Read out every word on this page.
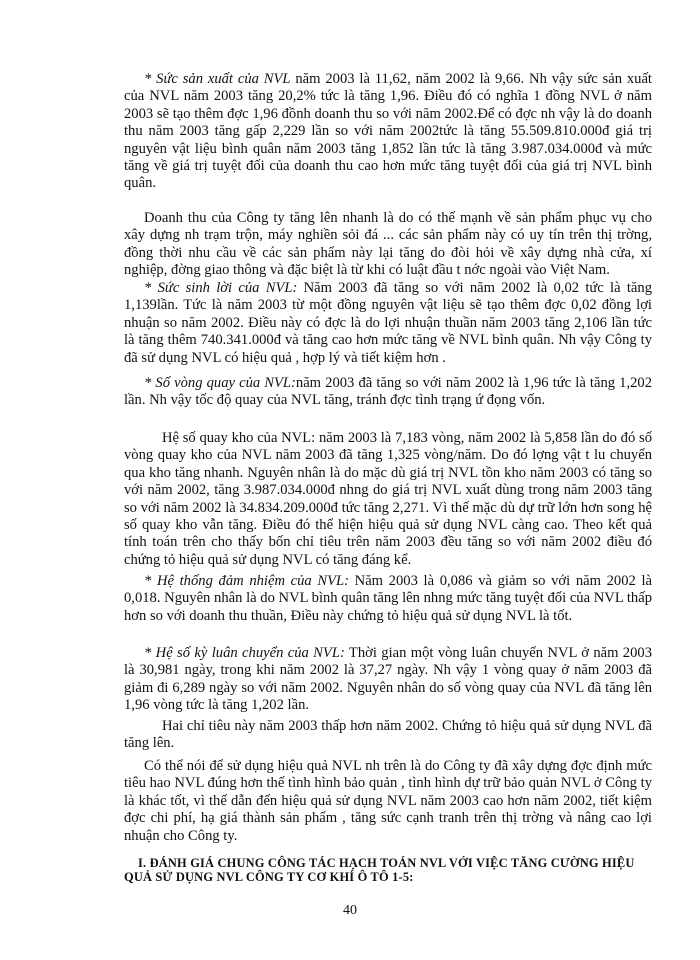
* Sức sản xuất của NVL năm 2003 là 11,62, năm 2002 là 9,66. Nh vậy sức sản xuất của NVL năm 2003 tăng 20,2% tức là tăng 1,96. Điều đó có nghĩa 1 đồng NVL ở năm 2003 sẽ tạo thêm đợc 1,96 đồnh doanh thu so với năm 2002.Để có đợc nh vậy là do doanh thu năm 2003 tăng gấp 2,229 lần so với năm 2002tức là tăng 55.509.810.000đ giá trị nguyên vật liệu bình quân năm 2003 tăng 1,852 lần tức là tăng 3.987.034.000đ và mức tăng về giá trị tuyệt đối của doanh thu cao hơn mức tăng tuyệt đối của giá trị NVL bình quân.

Doanh thu của Công ty tăng lên nhanh là do có thế mạnh về sản phẩm phục vụ cho xây dựng nh trạm trộn, máy nghiền sỏi đá ... các sản phẩm này có uy tín trên thị trờng, đồng thời nhu cầu về các sản phẩm này lại tăng do đòi hỏi về xây dựng nhà cửa, xí nghiệp, đờng giao thông và đặc biệt là từ khi có luật đầu t nớc ngoài vào Việt Nam.

* Sức sinh lời của NVL: Năm 2003 đã tăng so với năm 2002 là 0,02 tức là tăng 1,139lần. Tức là năm 2003 từ một đồng nguyên vật liệu sẽ tạo thêm đợc 0,02 đồng lợi nhuận so năm 2002. Điều này có đợc là do lợi nhuận thuần năm 2003 tăng 2,106 lần tức là tăng thêm 740.341.000đ và tăng cao hơn mức tăng về NVL bình quân. Nh vậy Công ty đã sử dụng NVL có hiệu quả , hợp lý và tiết kiệm hơn .

* Số vòng quay của NVL:năm 2003 đã tăng so với năm 2002 là 1,96 tức là tăng 1,202 lần. Nh vậy tốc độ quay của NVL tăng, tránh đợc tình trạng ứ đọng vốn.

Hệ số quay kho của NVL: năm 2003 là 7,183 vòng, năm 2002 là 5,858 lần do đó số vòng quay kho của NVL năm 2003 đã tăng 1,325 vòng/năm. Do đó lợng vật t lu chuyển qua kho tăng nhanh. Nguyên nhân là do mặc dù giá trị NVL tồn kho năm 2003 có tăng so với năm 2002, tăng 3.987.034.000đ nhng do giá trị NVL xuất dùng trong năm 2003 tăng so với năm 2002 là 34.834.209.000đ tức tăng 2,271. Vì thế mặc dù dự trữ lớn hơn song hệ số quay kho vẫn tăng. Điều đó thể hiện hiệu quả sử dụng NVL càng cao. Theo kết quả tính toán trên cho thấy bốn chỉ tiêu trên năm 2003 đều tăng so với năm 2002 điều đó chứng tỏ hiệu quả sử dụng NVL có tăng đáng kể.

* Hệ thống đảm nhiệm của NVL: Năm 2003 là 0,086 và giảm so với năm 2002 là 0,018. Nguyên nhân là do NVL bình quân tăng lên nhng mức tăng tuyệt đối của NVL thấp hơn so với doanh thu thuần, Điều này chứng tỏ hiệu quả sử dụng NVL là tốt.

* Hệ số kỳ luân chuyển của NVL: Thời gian một vòng luân chuyển NVL ở năm 2003 là 30,981 ngày, trong khi năm 2002 là 37,27 ngày. Nh vậy 1 vòng quay ở năm 2003 đã giảm đi 6,289 ngày so với năm 2002. Nguyên nhân do số vòng quay của NVL đã tăng lên 1,96 vòng tức là tăng 1,202 lần.

Hai chỉ tiêu này năm 2003 thấp hơn năm 2002. Chứng tỏ hiệu quả sử dụng NVL đã tăng lên.

Có thể nói để sử dụng hiệu quả NVL nh trên là do Công ty đã xây dựng đợc định mức tiêu hao NVL đúng hơn thế tình hình bảo quản , tình hình dự trữ bảo quản NVL ở Công ty là khác tốt, vì thế dẫn đến hiệu quả sử dụng NVL năm 2003 cao hơn năm 2002, tiết kiệm đợc chi phí, hạ giá thành sản phẩm , tăng sức cạnh tranh trên thị trờng và nâng cao lợi nhuận cho Công ty.

I. ĐÁNH GIÁ CHUNG CÔNG TÁC HẠCH TOÁN NVL VỚI VIỆC TĂNG CƯỜNG HIỆU QUẢ SỬ DỤNG NVL CÔNG TY CƠ KHÍ Ô TÔ 1-5:

40
